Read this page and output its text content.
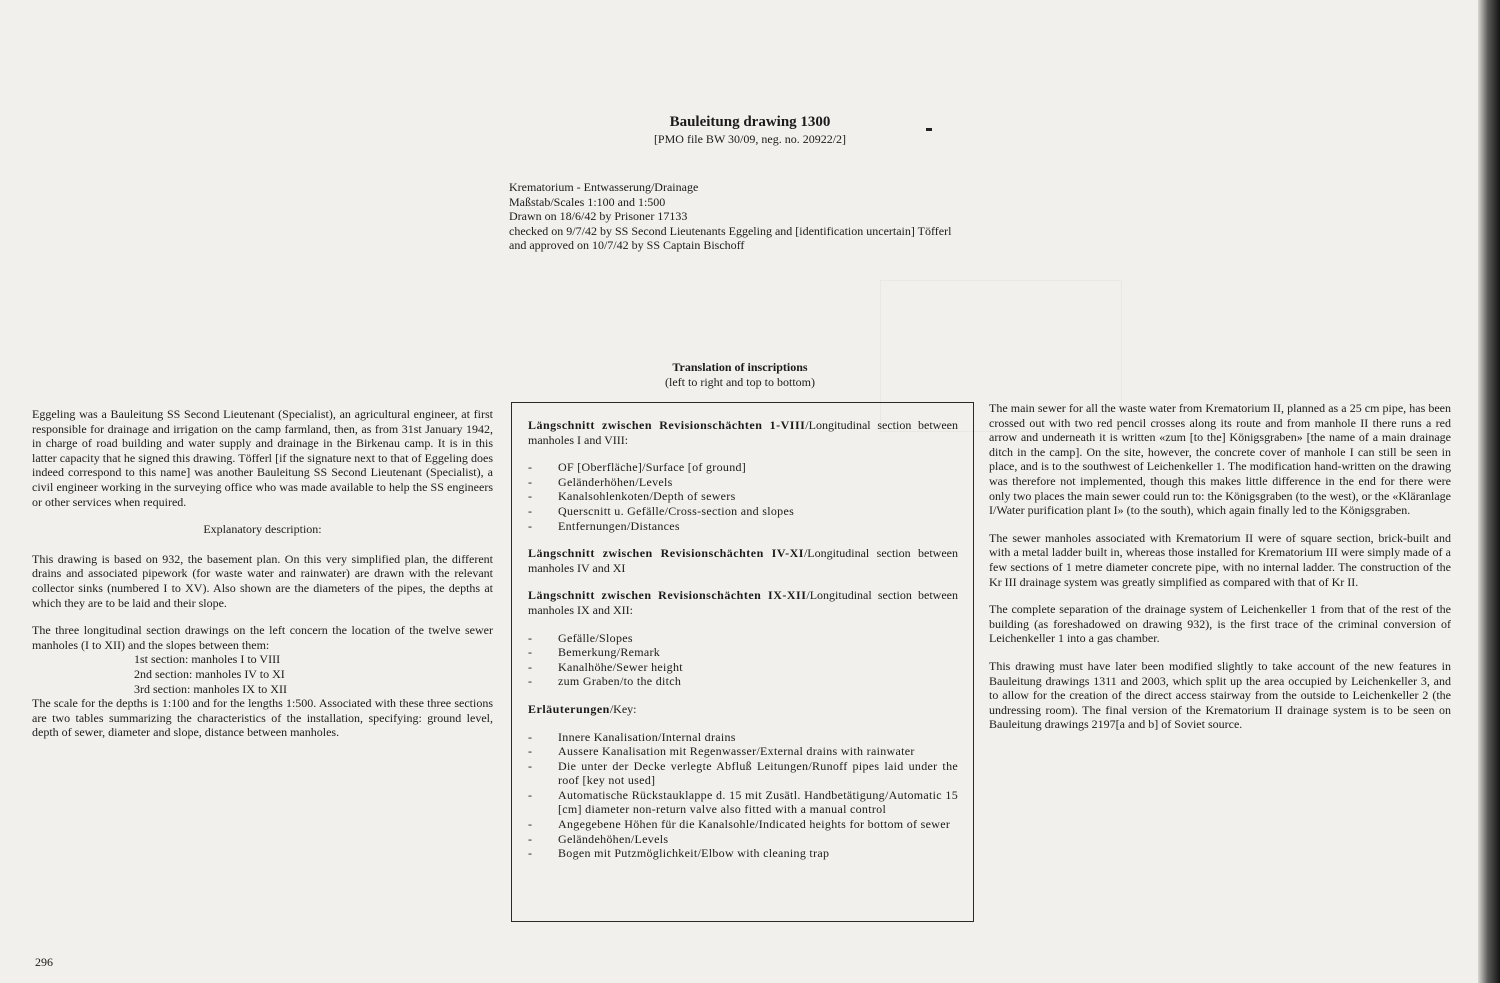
Bauleitung drawing 1300
[PMO file BW 30/09, neg. no. 20922/2]
Krematorium - Entwasserung/Drainage
Maßstab/Scales 1:100 and 1:500
Drawn on 18/6/42 by Prisoner 17133
checked on 9/7/42 by SS Second Lieutenants Eggeling and [identification uncertain] Töfferl
and approved on 10/7/42 by SS Captain Bischoff

Eggeling was a Bauleitung SS Second Lieutenant (Specialist), an agricultural engineer, at first responsible for drainage and irrigation on the camp farmland, then, as from 31st January 1942, in charge of road building and water supply and drainage in the Birkenau camp. It is in this latter capacity that he signed this drawing. Töfferl [if the signature next to that of Eggeling does indeed correspond to this name] was another Bauleitung SS Second Lieutenant (Specialist), a civil engineer working in the surveying office who was made available to help the SS engineers or other services when required.

Explanatory description:

This drawing is based on 932, the basement plan. On this very simplified plan, the different drains and associated pipework (for waste water and rainwater) are drawn with the relevant collector sinks (numbered I to XV). Also shown are the diameters of the pipes, the depths at which they are to be laid and their slope.

The three longitudinal section drawings on the left concern the location of the twelve sewer manholes (I to XII) and the slopes between them:

1st section: manholes I to VIII
2nd section: manholes IV to XI
3rd section: manholes IX to XII

The scale for the depths is 1:100 and for the lengths 1:500. Associated with these three sections are two tables summarizing the characteristics of the installation, specifying: ground level, depth of sewer, diameter and slope, distance between manholes.

Translation of inscriptions
(left to right and top to bottom)

Längschnitt zwischen Revisionschächten 1-VIII/Longitudinal section between manholes I and VIII:

- OF [Oberfläche]/Surface [of ground]
- Geländerhöhen/Levels
- Kanalsohlenkoten/Depth of sewers
- Querscnitt u. Gefälle/Cross-section and slopes
- Entfernungen/Distances

Längschnitt zwischen Revisionschächten IV-XI/Longitudinal section between manholes IV and XI

Längschnitt zwischen Revisionschächten IX-XII/Longitudinal section between manholes IX and XII:

- Gefälle/Slopes
- Bemerkung/Remark
- Kanalhöhe/Sewer height
- zum Graben/to the ditch

Erläuterungen/Key:

- Innere Kanalisation/Internal drains
- Aussere Kanalisation mit Regenwasser/External drains with rainwater
- Die unter der Decke verlegte Abfluß Leitungen/Runoff pipes laid under the roof [key not used]
- Automatische Rückstauklappe d. 15 mit Zusätl. Handbetätigung/Automatic 15 [cm] diameter non-return valve also fitted with a manual control
- Angegebene Höhen für die Kanalsohle/Indicated heights for bottom of sewer
- Geländehöhen/Levels
- Bogen mit Putzmöglichkeit/Elbow with cleaning trap

The main sewer for all the waste water from Krematorium II, planned as a 25 cm pipe, has been crossed out with two red pencil crosses along its route and from manhole II there runs a red arrow and underneath it is written «zum [to the] Königsgraben» [the name of a main drainage ditch in the camp]. On the site, however, the concrete cover of manhole I can still be seen in place, and is to the southwest of Leichenkeller 1. The modification hand-written on the drawing was therefore not implemented, though this makes little difference in the end for there were only two places the main sewer could run to: the Königsgraben (to the west), or the «Kläranlage I/Water purification plant I» (to the south), which again finally led to the Königsgraben.

The sewer manholes associated with Krematorium II were of square section, brick-built and with a metal ladder built in, whereas those installed for Krematorium III were simply made of a few sections of 1 metre diameter concrete pipe, with no internal ladder. The construction of the Kr III drainage system was greatly simplified as compared with that of Kr II.

The complete separation of the drainage system of Leichenkeller 1 from that of the rest of the building (as foreshadowed on drawing 932), is the first trace of the criminal conversion of Leichenkeller 1 into a gas chamber.

This drawing must have later been modified slightly to take account of the new features in Bauleitung drawings 1311 and 2003, which split up the area occupied by Leichenkeller 3, and to allow for the creation of the direct access stairway from the outside to Leichenkeller 2 (the undressing room). The final version of the Krematorium II drainage system is to be seen on Bauleitung drawings 2197[a and b] of Soviet source.

296
